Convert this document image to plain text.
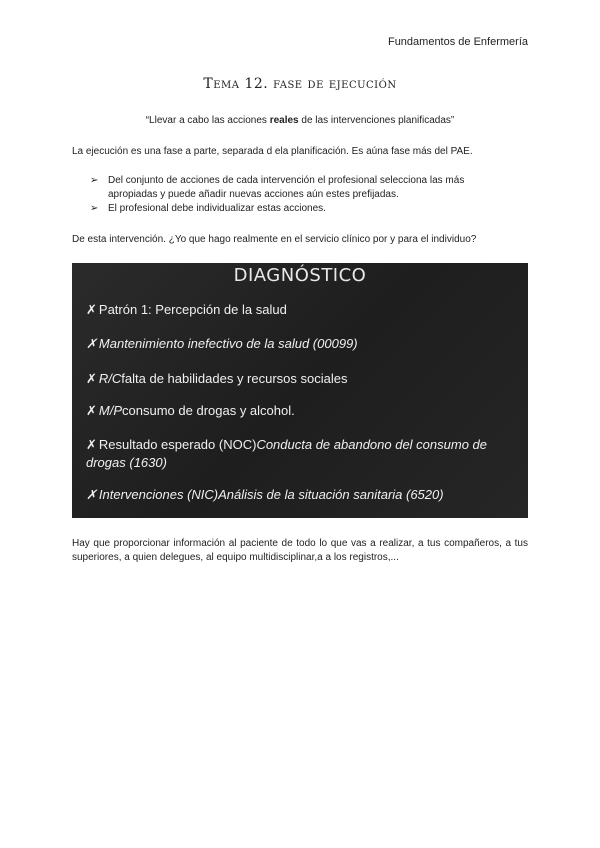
Fundamentos de Enfermería
Tema 12. fase de ejecución
“Llevar a cabo las acciones reales de las intervenciones planificadas”
La ejecución es una fase a parte, separada d ela planificación. Es aúna fase más del PAE.
➢ Del conjunto de acciones de cada intervención el profesional selecciona las más apropiadas y puede añadir nuevas acciones aún estes prefijadas.
➢ El profesional debe individualizar estas acciones.
De esta intervención. ¿Yo que hago realmente en el servicio clínico por y para el individuo?
DIAGNÓSTICO
✗ Patrón 1: Percepción de la salud
✗ Mantenimiento inefectivo de la salud (00099)
✗ R/Cfalta de habilidades y recursos sociales
✗ M/Pconsumo de drogas y alcohol.
✗ Resultado esperado (NOC)Conducta de abandono del consumo de drogas (1630)
✗ Intervenciones (NIC)Análisis de la situación sanitaria (6520)
Hay que proporcionar información al paciente de todo lo que vas a realizar, a tus compañeros, a tus superiores, a quien delegues, al equipo multidisciplinar,a a los registros,...
